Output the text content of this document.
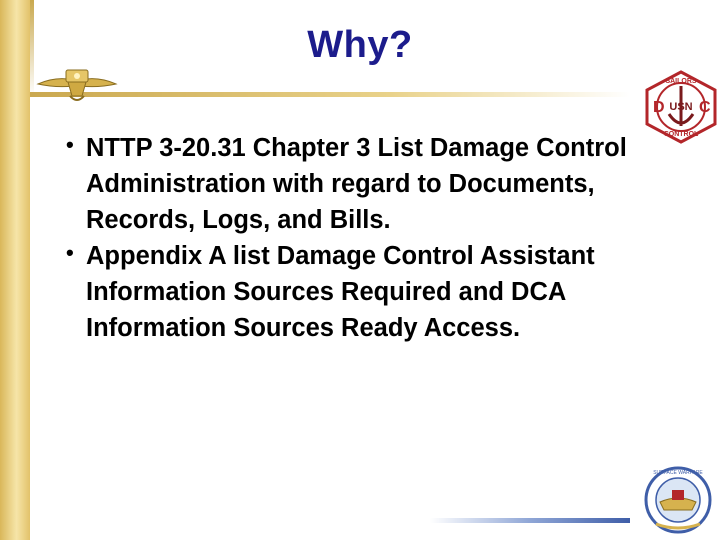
Why?
SAILORS
USN
D C
CONTROL
• NTTP 3-20.31 Chapter 3 List Damage Control Administration with regard to Documents, Records, Logs, and Bills.
• Appendix A list Damage Control Assistant Information Sources Required and DCA Information Sources Ready Access.
SURFACE WARFARE
